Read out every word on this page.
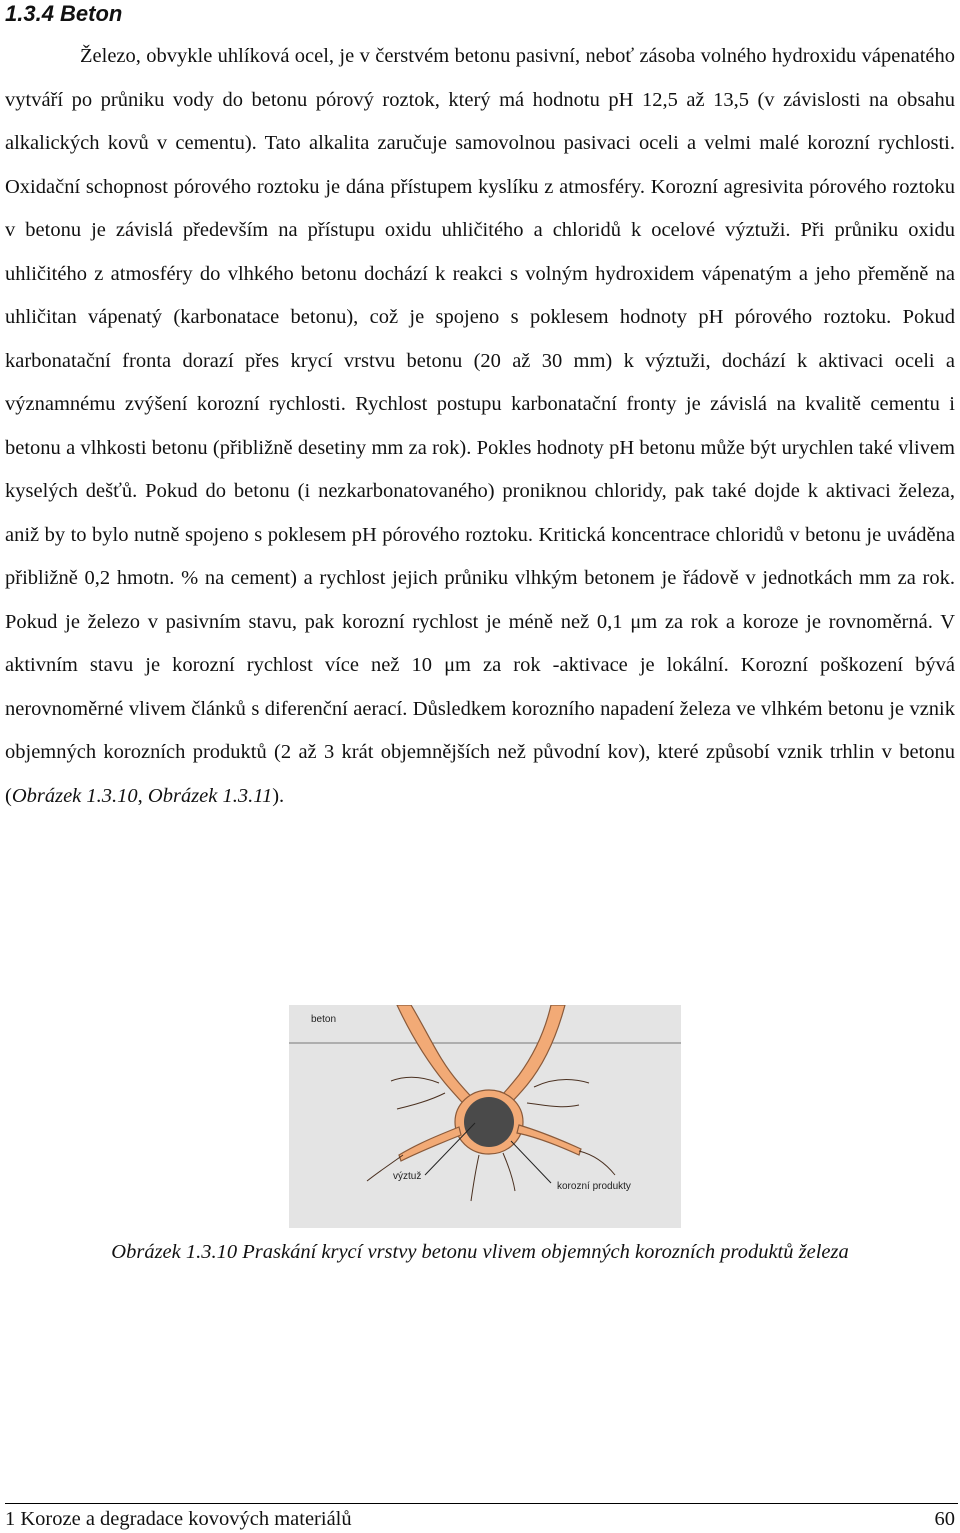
1.3.4 Beton

Železo, obvykle uhlíková ocel, je v čerstvém betonu pasivní, neboť zásoba volného hydroxidu vápenatého vytváří po průniku vody do betonu pórový roztok, který má hodnotu pH 12,5 až 13,5 (v závislosti na obsahu alkalických kovů v cementu). Tato alkalita zaručuje samovolnou pasivaci oceli a velmi malé korozní rychlosti. Oxidační schopnost pórového roztoku je dána přístupem kyslíku z atmosféry. Korozní agresivita pórového roztoku v betonu je závislá především na přístupu oxidu uhličitého a chloridů k ocelové výztuži. Při průniku oxidu uhličitého z atmosféry do vlhkého betonu dochází k reakci s volným hydroxidem vápenatým a jeho přeměně na uhličitan vápenatý (karbonatace betonu), což je spojeno s poklesem hodnoty pH pórového roztoku. Pokud karbonatační fronta dorazí přes krycí vrstvu betonu (20 až 30 mm) k výztuži, dochází k aktivaci oceli a významnému zvýšení korozní rychlosti. Rychlost postupu karbonatační fronty je závislá na kvalitě cementu i betonu a vlhkosti betonu (přibližně desetiny mm za rok). Pokles hodnoty pH betonu může být urychlen také vlivem kyselých dešťů. Pokud do betonu (i nezkarbonatovaného) proniknou chloridy, pak také dojde k aktivaci železa, aniž by to bylo nutně spojeno s poklesem pH pórového roztoku. Kritická koncentrace chloridů v betonu je uváděna přibližně 0,2 hmotn. % na cement) a rychlost jejich průniku vlhkým betonem je řádově v jednotkách mm za rok. Pokud je železo v pasivním stavu, pak korozní rychlost je méně než 0,1 μm za rok a koroze je rovnoměrná. V aktivním stavu je korozní rychlost více než 10 μm za rok -aktivace je lokální. Korozní poškození bývá nerovnoměrné vlivem článků s diferenční aerací. Důsledkem korozního napadení železa ve vlhkém betonu je vznik objemných korozních produktů (2 až 3 krát objemnějších než původní kov), které způsobí vznik trhlin v betonu (Obrázek 1.3.10, Obrázek 1.3.11).

beton
výztuž
korozní produkty
Obrázek 1.3.10 Praskání krycí vrstvy betonu vlivem objemných korozních produktů železa
1 Koroze a degradace kovových materiálů	60
